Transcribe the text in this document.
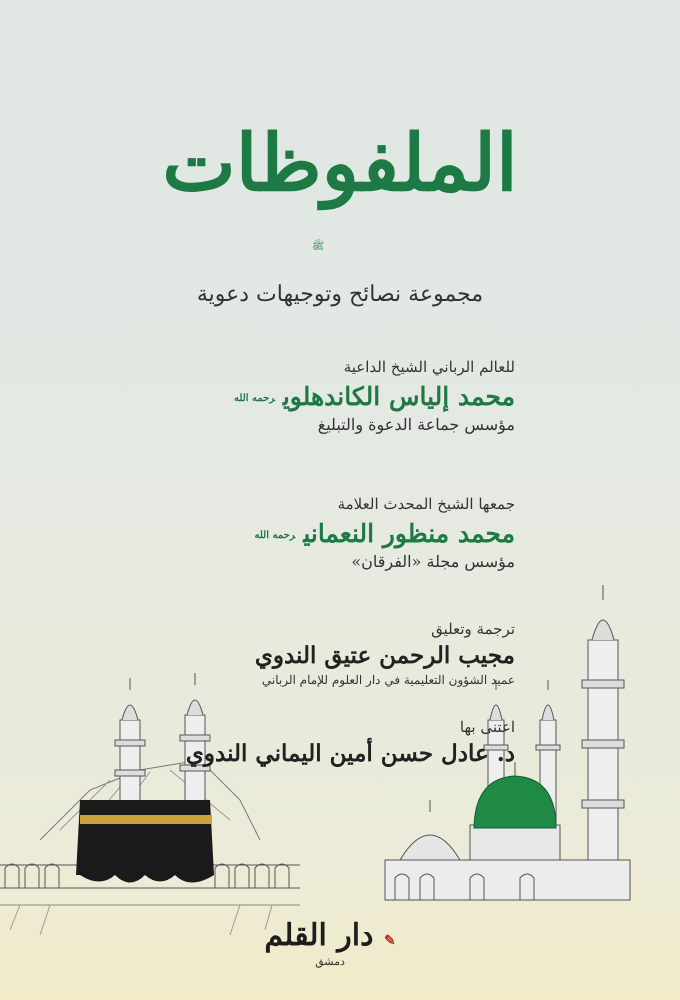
الملفوظات
ﷺ
مجموعة نصائح وتوجيهات دعوية
للعالم الرباني الشيخ الداعية
محمد إلياس الكاندهلويرحمه الله
مؤسس جماعة الدعوة والتبليغ
جمعها الشيخ المحدث العلامة
محمد منظور النعمانيرحمه الله
مؤسس مجلة «الفرقان»
ترجمة وتعليق
مجيب الرحمن عتيق الندوي
عميد الشؤون التعليمية في دار العلوم للإمام الرباني
اعتنى بها
د. عادل حسن أمين اليماني الندوي
✎ دار القلم
دمشق
